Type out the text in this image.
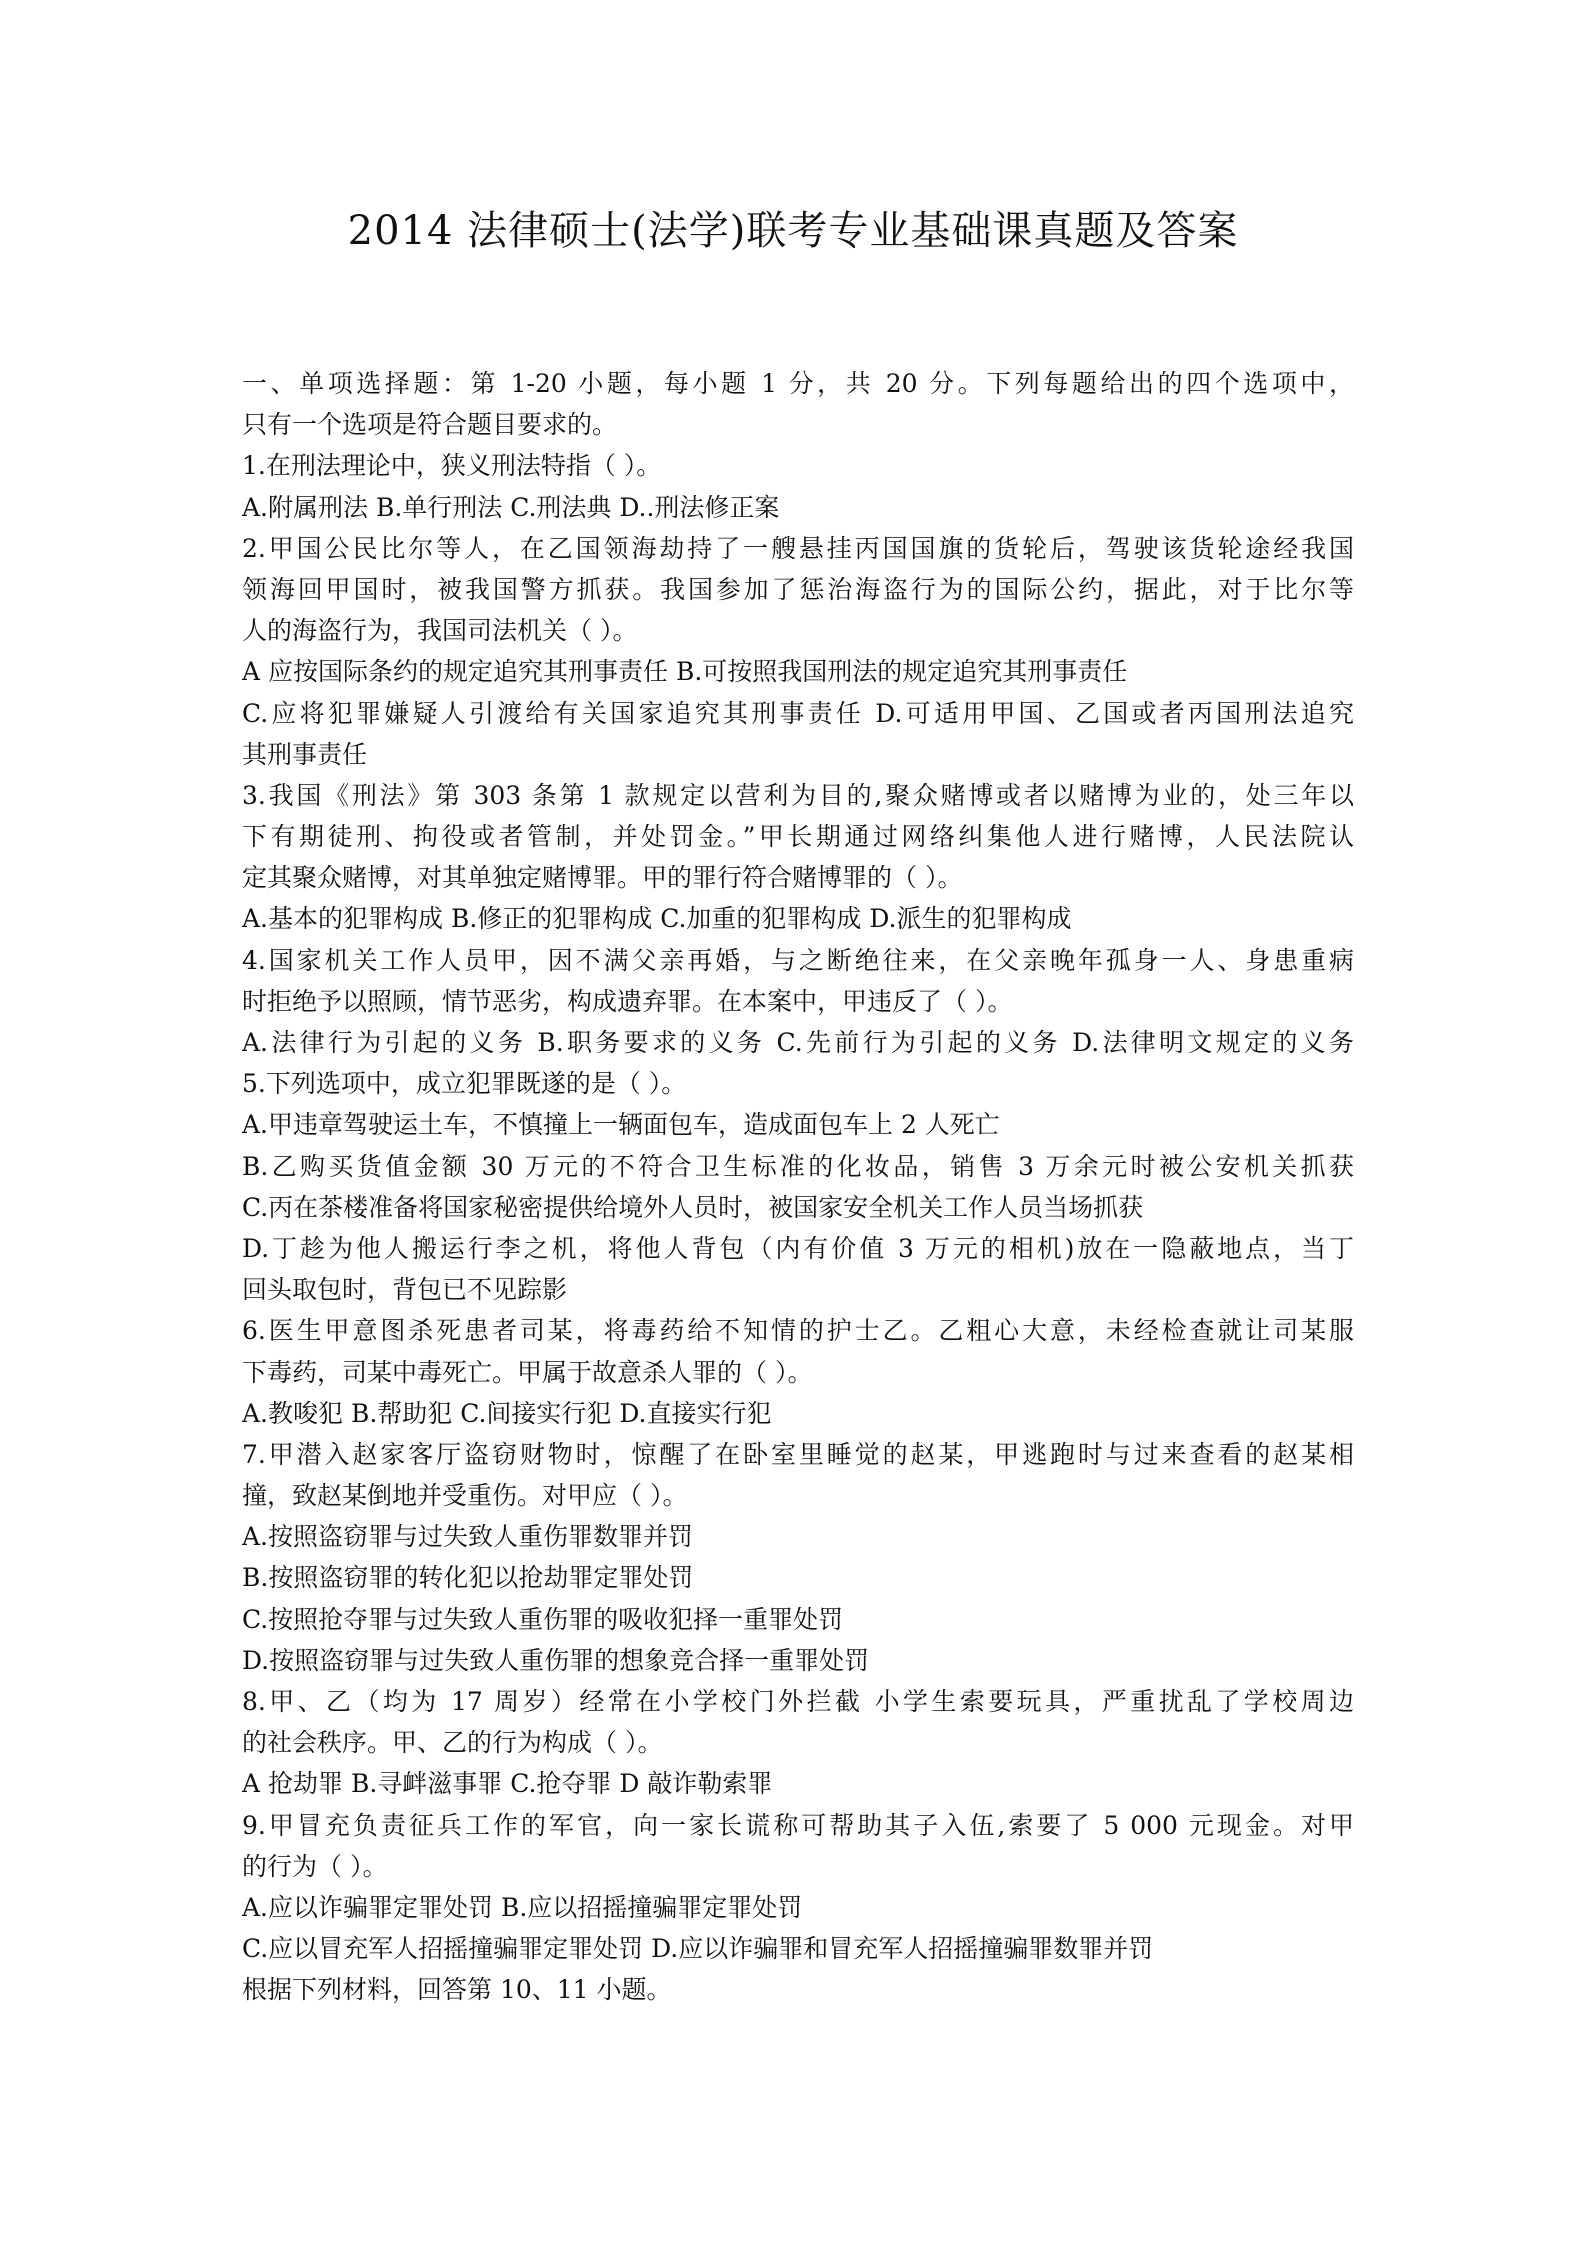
2014 法律硕士(法学)联考专业基础课真题及答案
一、单项选择题：第 1-20 小题，每小题 1 分，共 20 分。下列每题给出的四个选项中，
只有一个选项是符合题目要求的。
1.在刑法理论中，狭义刑法特指（ ）。
A.附属刑法 B.单行刑法 C.刑法典 D..刑法修正案
2.甲国公民比尔等人，在乙国领海劫持了一艘悬挂丙国国旗的货轮后，驾驶该货轮途经我国
领海回甲国时，被我国警方抓获。我国参加了惩治海盗行为的国际公约，据此，对于比尔等
人的海盗行为，我国司法机关（ ）。
A 应按国际条约的规定追究其刑事责任 B.可按照我国刑法的规定追究其刑事责任
C.应将犯罪嫌疑人引渡给有关国家追究其刑事责任 D.可适用甲国、乙国或者丙国刑法追究
其刑事责任
3.我国《刑法》第 303 条第 1 款规定以营利为目的,聚众赌博或者以赌博为业的，处三年以
下有期徒刑、拘役或者管制，并处罚金。”甲长期通过网络纠集他人进行赌博，人民法院认
定其聚众赌博，对其单独定赌博罪。甲的罪行符合赌博罪的（ ）。
A.基本的犯罪构成 B.修正的犯罪构成 C.加重的犯罪构成 D.派生的犯罪构成
4.国家机关工作人员甲，因不满父亲再婚，与之断绝往来，在父亲晚年孤身一人、身患重病
时拒绝予以照顾，情节恶劣，构成遗弃罪。在本案中，甲违反了（ ）。
A.法律行为引起的义务 B.职务要求的义务 C.先前行为引起的义务 D.法律明文规定的义务
5.下列选项中，成立犯罪既遂的是（ ）。
A.甲违章驾驶运土车，不慎撞上一辆面包车，造成面包车上 2 人死亡
B.乙购买货值金额 30 万元的不符合卫生标准的化妆品，销售 3 万余元时被公安机关抓获
C.丙在茶楼准备将国家秘密提供给境外人员时，被国家安全机关工作人员当场抓获
D.丁趁为他人搬运行李之机，将他人背包（内有价值 3 万元的相机)放在一隐蔽地点，当丁
回头取包时，背包已不见踪影
6.医生甲意图杀死患者司某，将毒药给不知情的护士乙。乙粗心大意，未经检查就让司某服
下毒药，司某中毒死亡。甲属于故意杀人罪的（ ）。
A.教唆犯 B.帮助犯 C.间接实行犯 D.直接实行犯
7.甲潜入赵家客厅盗窃财物时，惊醒了在卧室里睡觉的赵某，甲逃跑时与过来查看的赵某相
撞，致赵某倒地并受重伤。对甲应（ ）。
A.按照盗窃罪与过失致人重伤罪数罪并罚
B.按照盗窃罪的转化犯以抢劫罪定罪处罚
C.按照抢夺罪与过失致人重伤罪的吸收犯择一重罪处罚
D.按照盗窃罪与过失致人重伤罪的想象竞合择一重罪处罚
8.甲、乙（均为 17 周岁）经常在小学校门外拦截 小学生索要玩具，严重扰乱了学校周边
的社会秩序。甲、乙的行为构成（ ）。
A 抢劫罪 B.寻衅滋事罪 C.抢夺罪 D 敲诈勒索罪
9.甲冒充负责征兵工作的军官，向一家长谎称可帮助其子入伍,索要了 5 000 元现金。对甲
的行为（ ）。
A.应以诈骗罪定罪处罚 B.应以招摇撞骗罪定罪处罚
C.应以冒充军人招摇撞骗罪定罪处罚 D.应以诈骗罪和冒充军人招摇撞骗罪数罪并罚
根据下列材料，回答第 10、11 小题。
